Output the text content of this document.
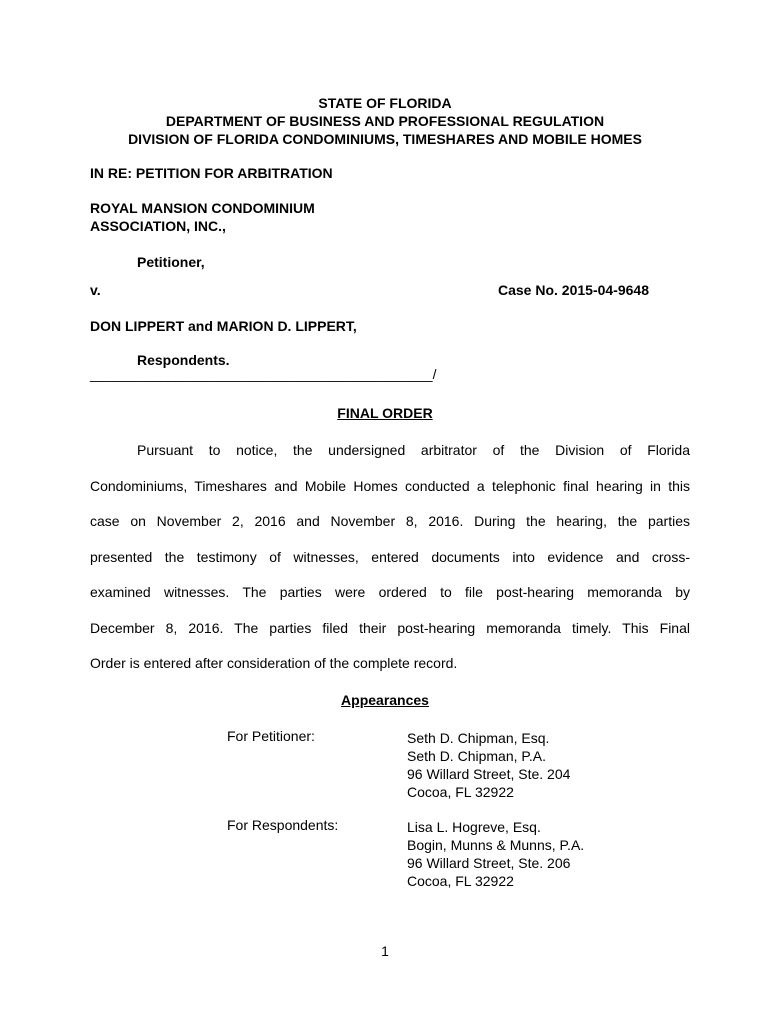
STATE OF FLORIDA
DEPARTMENT OF BUSINESS AND PROFESSIONAL REGULATION
DIVISION OF FLORIDA CONDOMINIUMS, TIMESHARES AND MOBILE HOMES
IN RE: PETITION FOR ARBITRATION
ROYAL MANSION CONDOMINIUM
ASSOCIATION, INC.,
Petitioner,
v.	Case No. 2015-04-9648
DON LIPPERT and MARION D. LIPPERT,
Respondents.
____________________________________________/
FINAL ORDER
Pursuant to notice, the undersigned arbitrator of the Division of Florida
Condominiums, Timeshares and Mobile Homes conducted a telephonic final hearing in this
case on November 2, 2016 and November 8, 2016. During the hearing, the parties
presented the testimony of witnesses, entered documents into evidence and cross-
examined witnesses. The parties were ordered to file post-hearing memoranda by
December 8, 2016. The parties filed their post-hearing memoranda timely. This Final
Order is entered after consideration of the complete record.
Appearances
For Petitioner:	Seth D. Chipman, Esq.
Seth D. Chipman, P.A.
96 Willard Street, Ste. 204
Cocoa, FL 32922
For Respondents:	Lisa L. Hogreve, Esq.
Bogin, Munns & Munns, P.A.
96 Willard Street, Ste. 206
Cocoa, FL 32922
1
